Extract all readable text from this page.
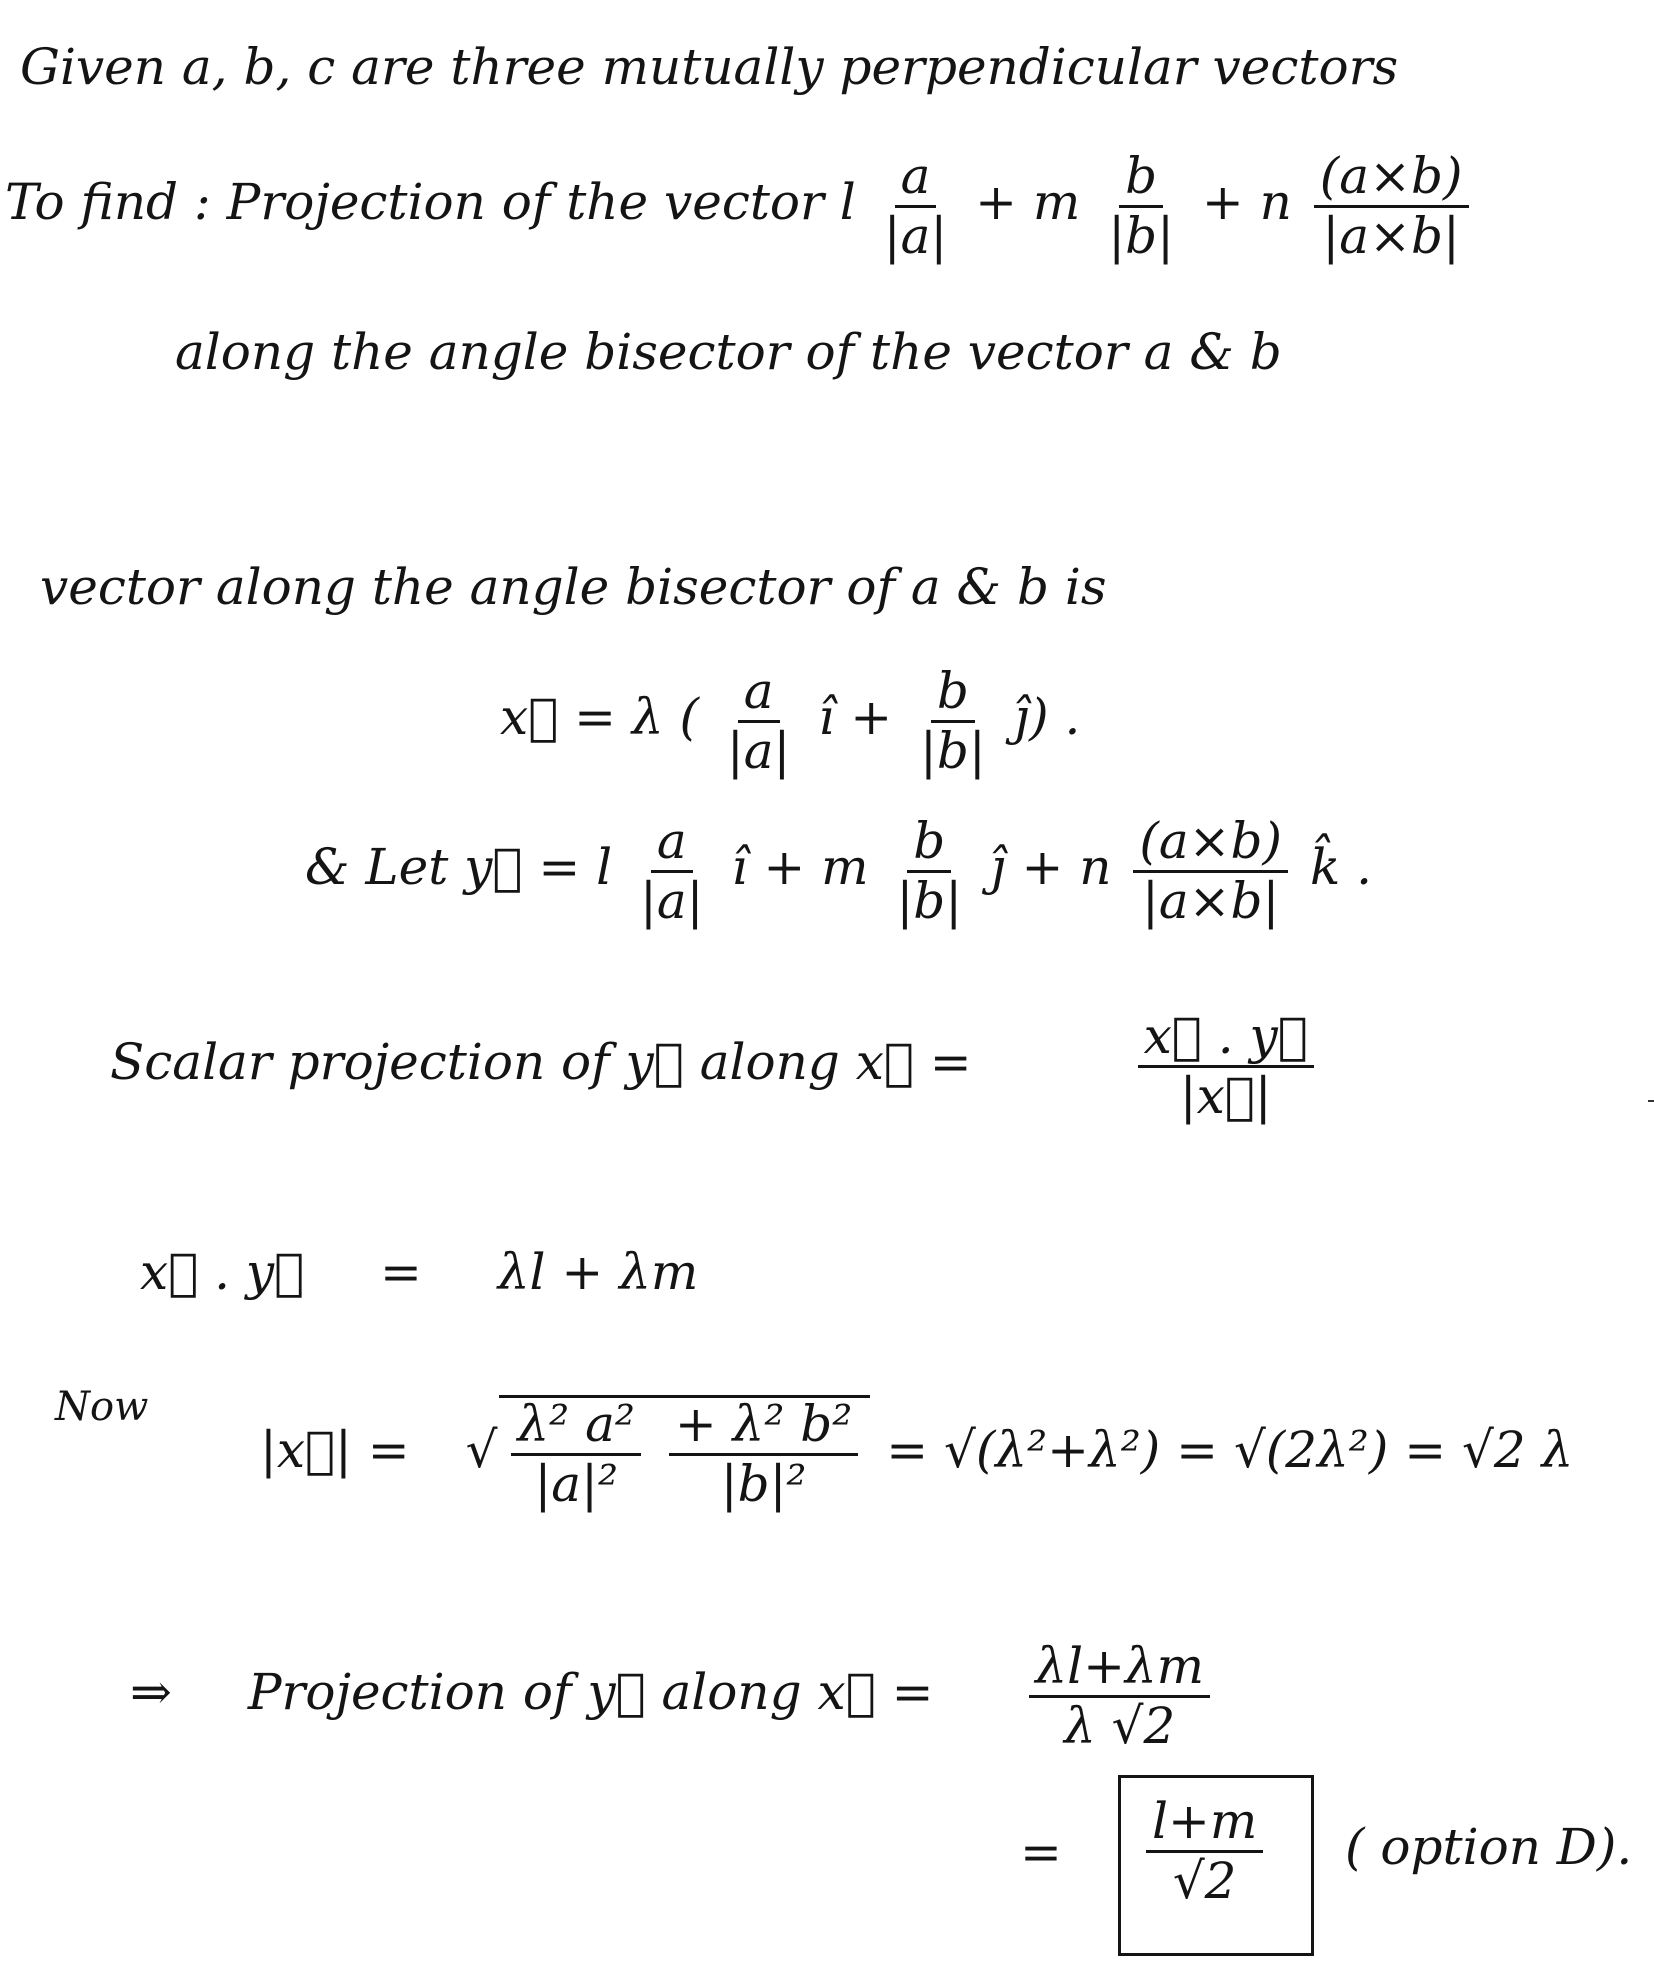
Given a, b, c are three mutually perpendicular vectors
To find : Projection of the vector l $\frac{a}{|a|} + m \frac{b}{|b|} + n \frac{(a\times b)}{|a\times b|}$
along the angle bisector of the vector a & b
vector along the angle bisector of a & b is
x⃗ = λ ( $\frac{a}{|a|}$ î + $\frac{b}{|b|}$ ĵ) .
& Let y⃗ = l $\frac{a}{|a|}$ î + m $\frac{b}{|b|}$ ĵ + n $\frac{(a\times b)}{|a\times b|}$ k̂ .
Scalar projection of y⃗ along x⃗ =	$\frac{x⃗ . y⃗}{|x⃗|}$
x⃗ . y⃗ = λl + λm
Now
|x⃗| = √ $\frac{\text{λ² a²}}{\text{|a|²}}$
$\frac{\text{+ λ² b²}}{\text{|b|²}} = √(\lambda^2+\lambda^2) = √(2\lambda^2) = √2$ λ
⇒ Projection of y⃗ along x⃗ = $\frac{\lambda l+\lambda m}{\lambda √2}$
= $\frac{l+m}{√2}$ ( option D).
